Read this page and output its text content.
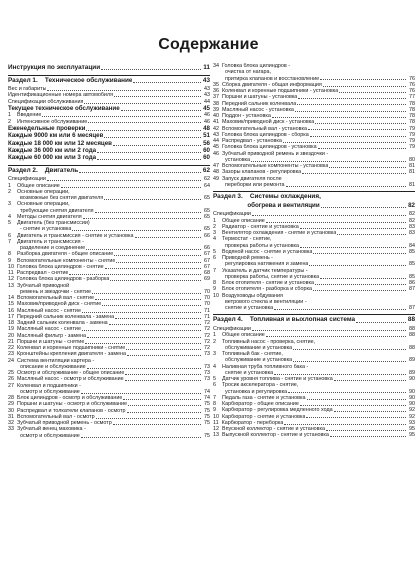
Содержание
Инструкция по эксплуатации	11
Раздел 1.    Техническое обслуживание	43
Вес и габариты	43
Идентификационные номера автомобиля	43
Спецификации обслуживания	44
Текущее техническое обслуживание	45
1    Введение	46
2    Интенсивное обслуживание	46
Еженедельные проверки	48
Каждые 9000 км или 6 месяцев	51
Каждые 18 000 км или 12 месяцев	56
Каждые 36 000 км или 2 года	60
Каждые 60 000 км или 3 года	60
Раздел 2.    Двигатель	62
Спецификации	62
1    Общее описание	64
2    Основные операции,
возможные без снятия двигателя	65
3    Основные операции,
требующие снятия двигателя	65
4    Методы снятия двигателя	65
5    Двигатель (без трансмиссии)
- снятие и установка	65
6    Двигатель и трансмиссия - снятие и установка	66
7    Двигатель и трансмиссия -
разделение и соединение	66
8    Разборка двигателя - общее описание	67
9    Вспомогательные компоненты - снятие	67
10  Головка блока цилиндров - снятие	67
11  Распредвал - снятие	68
12  Головка блока цилиндров - разборка	69
13  Зубчатый приводной
ремень и звездочки - снятие	70
14  Вспомогательный вал - снятие	70
15  Маховик/приводной диск - снятие	70
16  Масляный насос - снятие	71
17  Передний сальник коленвала - замена	71
18  Задний сальник коленвала - замена	72
19  Масляный насос - снятие	72
20  Масляный фильтр - замена	72
21  Поршни и шатуны - снятие	72
22  Коленвал и коренные подшипники - снятие	72
23  Кронштейны крепления двигателя - замена	73
24  Система вентиляции картера -
описание и обслуживание	73
25  Осмотр и обслуживание - общее описание	73
26  Масляный насос - осмотр и обслуживание	73
27  Коленвал и подшипники -
осмотр и обслуживание	74
28  Блок цилиндров - осмотр и обслуживание	74
29  Поршни и шатуны - осмотр и обслуживание	75
30  Распредвал и толкатели клапанов - осмотр	75
31  Вспомогательный вал - осмотр	75
32  Зубчатый приводной ремень - осмотр	75
33  Зубчатый венец маховика -
осмотр и обслуживание	75
34  Головка блока цилиндров -
очистка от нагара,
притирка клапанов и восстановление	76
35  Сборка двигателя - общая информация	76
36  Коленвал и коренные подшипники - установка	76
37  Поршни и шатуны - установка	77
38  Передний сальник коленвала	78
39  Масляный насос - установка	78
40  Поддон - установка	78
41  Маховик/приводной диск - установка	78
42  Вспомогательный вал - установка	79
43  Головка блока цилиндров - сборка	79
44  Распредвал - установка	79
45  Головка блока цилиндров - установка	79
46  Зубчатый приводной ремень и звездочки -
установка	80
47  Вспомогательные компоненты - установка	81
48  Зазоры клапанов - регулировка	81
49  Запуск двигателя после
переборки или ремонта	81
Раздел 3.    Системы охлаждения,
обогрева и вентиляции	82
Спецификации	82
1    Общее описание	82
2    Радиатор - снятие и установка	83
3    Вентилятор охлаждения - снятие и установка	83
4    Термостат - снятие,
проверка работы и установка	84
5    Водяной насос - снятие и установка	85
6    Приводной ремень -
регулировка натяжения и замена	85
7    Указатель и датчик температуры -
проверка работы, снятие и установка	85
8    Блок отопителя - снятие и установка	86
9    Блок отопителя - разборка и сборка	87
10  Воздуховоды обдувания
ветрового стекла и вентиляции -
снятие и установка	87
Раздел 4.    Топливная и выхлопная система	88
Спецификации	88
1    Общее описание	88
2    Топливный насос - проверка, снятие,
обслуживание и установка	88
3    Топливный бак - снятие,
обслуживание и установка	89
4    Наливная труба топливного бака -
снятие и установка	89
5    Датчик уровня топлива - снятие и установка	90
6    Тросик акселератора - снятие,
установка и регулировка	90
7    Педаль газа - снятие и установка	90
8    Карбюратор - общее описание	90
9    Карбюратор - регулировка медленного хода	92
10  Карбюратор - снятие и установка	92
11  Карбюратор - переборка	93
12  Впускной коллектор - снятие и установка	95
13  Выпускной коллектор - снятие и установка	95
